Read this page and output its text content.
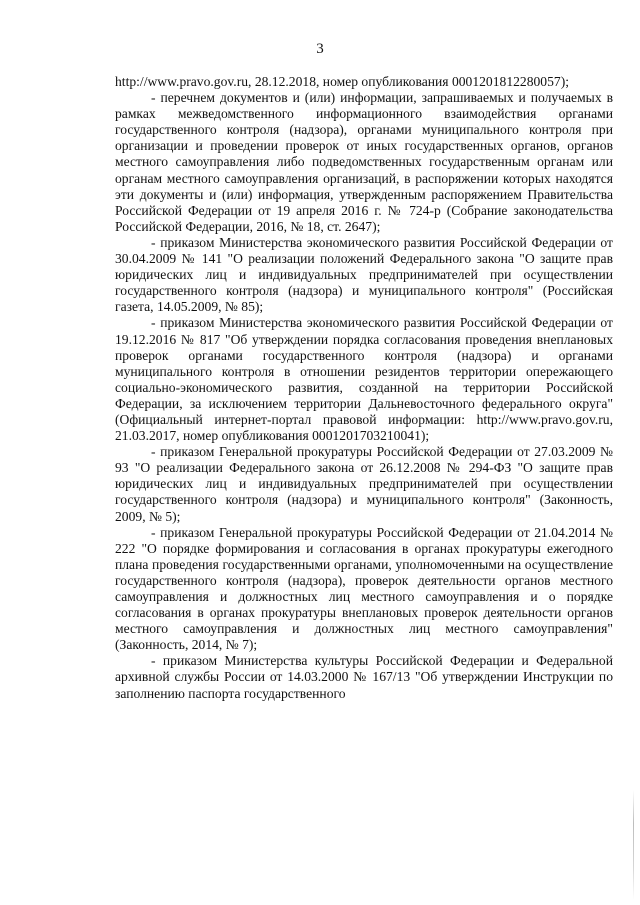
3

http://www.pravo.gov.ru, 28.12.2018, номер опубликования 0001201812280057);

- перечнем документов и (или) информации, запрашиваемых и получаемых в рамках межведомственного информационного взаимодействия органами государственного контроля (надзора), органами муниципального контроля при организации и проведении проверок от иных государственных органов, органов местного самоуправления либо подведомственных государственным органам или органам местного самоуправления организаций, в распоряжении которых находятся эти документы и (или) информация, утвержденным распоряжением Правительства Российской Федерации от 19 апреля 2016 г. № 724-р (Собрание законодательства Российской Федерации, 2016, № 18, ст. 2647);

- приказом Министерства экономического развития Российской Федерации от 30.04.2009 № 141 "О реализации положений Федерального закона "О защите прав юридических лиц и индивидуальных предпринимателей при осуществлении государственного контроля (надзора) и муниципального контроля" (Российская газета, 14.05.2009, № 85);

- приказом Министерства экономического развития Российской Федерации от 19.12.2016 № 817 "Об утверждении порядка согласования проведения внеплановых проверок органами государственного контроля (надзора) и органами муниципального контроля в отношении резидентов территории опережающего социально-экономического развития, созданной на территории Российской Федерации, за исключением территории Дальневосточного федерального округа" (Официальный интернет-портал правовой информации: http://www.pravo.gov.ru, 21.03.2017, номер опубликования 0001201703210041);

- приказом Генеральной прокуратуры Российской Федерации от 27.03.2009 № 93 "О реализации Федерального закона от 26.12.2008 № 294-ФЗ "О защите прав юридических лиц и индивидуальных предпринимателей при осуществлении государственного контроля (надзора) и муниципального контроля" (Законность, 2009, № 5);

- приказом Генеральной прокуратуры Российской Федерации от 21.04.2014 № 222 "О порядке формирования и согласования в органах прокуратуры ежегодного плана проведения государственными органами, уполномоченными на осуществление государственного контроля (надзора), проверок деятельности органов местного самоуправления и должностных лиц местного самоуправления и о порядке согласования в органах прокуратуры внеплановых проверок деятельности органов местного самоуправления и должностных лиц местного самоуправления" (Законность, 2014, № 7);

- приказом Министерства культуры Российской Федерации и Федеральной архивной службы России от 14.03.2000 № 167/13 "Об утверждении Инструкции по заполнению паспорта государственного
